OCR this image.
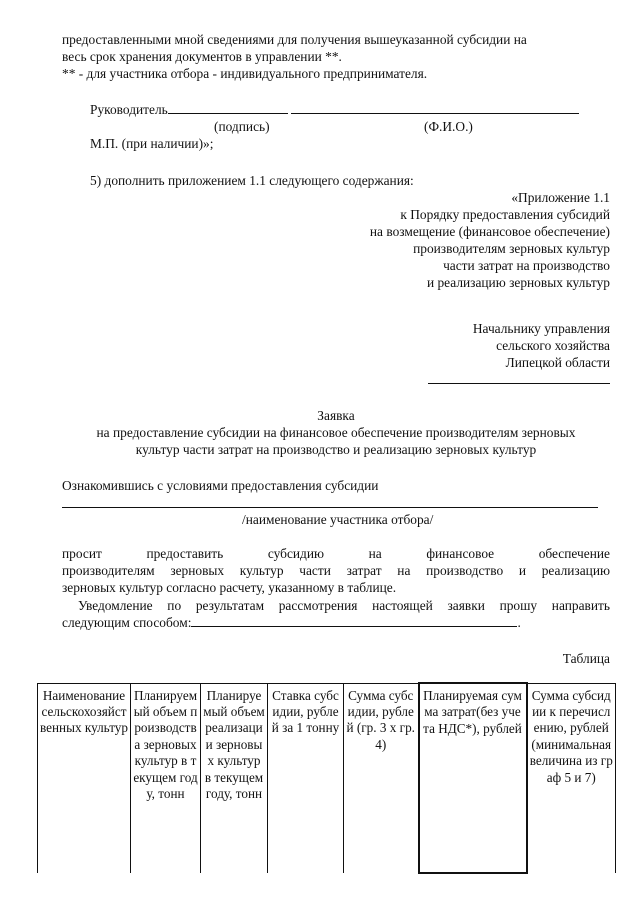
предоставленными мной сведениями для получения вышеуказанной субсидии на
весь срок хранения документов в управлении **.
** - для участника отбора - индивидуального предпринимателя.
Руководитель
(подпись)	(Ф.И.О.)
М.П. (при наличии)»;
5) дополнить приложением 1.1 следующего содержания:
«Приложение 1.1
к Порядку предоставления субсидий
на возмещение (финансовое обеспечение)
производителям зерновых культур
части затрат на производство
и реализацию зерновых культур
Начальнику управления
сельского хозяйства
Липецкой области
Заявка
на предоставление субсидии на финансовое обеспечение производителям зерновых
культур части затрат на производство и реализацию зерновых культур
Ознакомившись с условиями предоставления субсидии
/наименование участника отбора/
просит предоставить субсидию на финансовое обеспечение
производителям зерновых культур части затрат на производство и реализацию
зерновых культур согласно расчету, указанному в таблице.
Уведомление по результатам рассмотрения настоящей заявки прошу направить
следующим способом:	.
Таблица
Наименование сельскохозяйственных культур	Планируемый объем производства зерновых культур в текущем году, тонн	Планируемый объем реализации зерновых культур в текущем году, тонн	Ставка субсидии, рублей за 1 тонну	Сумма субсидии, рублей (гр. 3 х гр. 4)	Планируемая сумма затрат(без учета НДС*), рублей	Сумма субсидии к перечислению, рублей (минимальная величина из граф 5 и 7)
